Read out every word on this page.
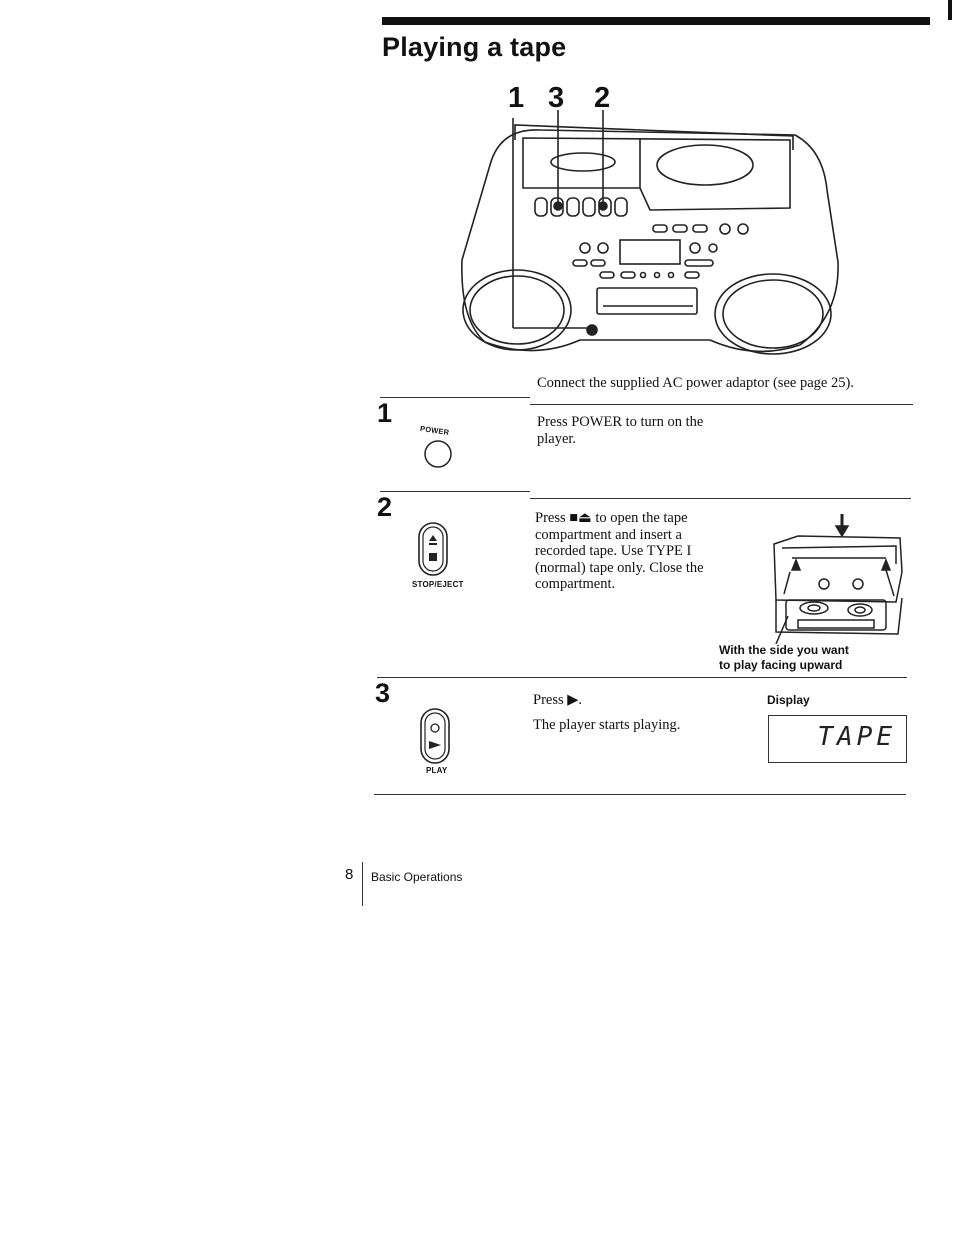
Playing a tape
1 3 2
Connect the supplied AC power adaptor (see page 25).
1
POWER
Press POWER to turn on the
player.
2
STOP/EJECT
Press ■⏏ to open the tape
compartment and insert a
recorded tape. Use TYPE I
(normal) tape only. Close the
compartment.
With the side you want
to play facing upward
3
PLAY
Press ▶.
The player starts playing.
Display
TAPE
8 Basic Operations
